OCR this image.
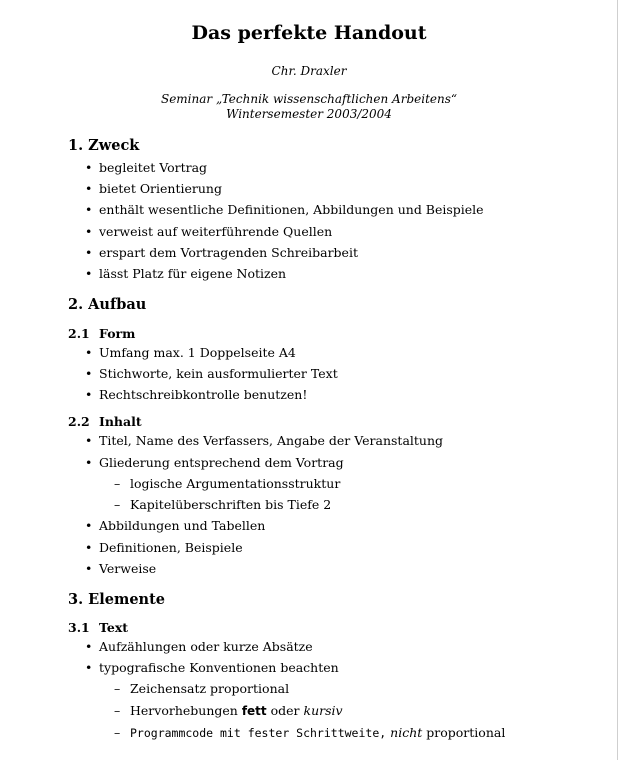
Das perfekte Handout
Chr. Draxler
Seminar „Technik wissenschaftlichen Arbeitens“
Wintersemester 2003/2004
1. Zweck
• begleitet Vortrag
• bietet Orientierung
• enthält wesentliche Definitionen, Abbildungen und Beispiele
• verweist auf weiterführende Quellen
• erspart dem Vortragenden Schreibarbeit
• lässt Platz für eigene Notizen
2. Aufbau
2.1 Form
• Umfang max. 1 Doppelseite A4
• Stichworte, kein ausformulierter Text
• Rechtschreibkontrolle benutzen!
2.2 Inhalt
• Titel, Name des Verfassers, Angabe der Veranstaltung
• Gliederung entsprechend dem Vortrag
– logische Argumentationsstruktur
– Kapitelüberschriften bis Tiefe 2
• Abbildungen und Tabellen
• Definitionen, Beispiele
• Verweise
3. Elemente
3.1 Text
• Aufzählungen oder kurze Absätze
• typografische Konventionen beachten
– Zeichensatz proportional
– Hervorhebungen fett oder kursiv
– Programmcode mit fester Schrittweite, nicht proportional
